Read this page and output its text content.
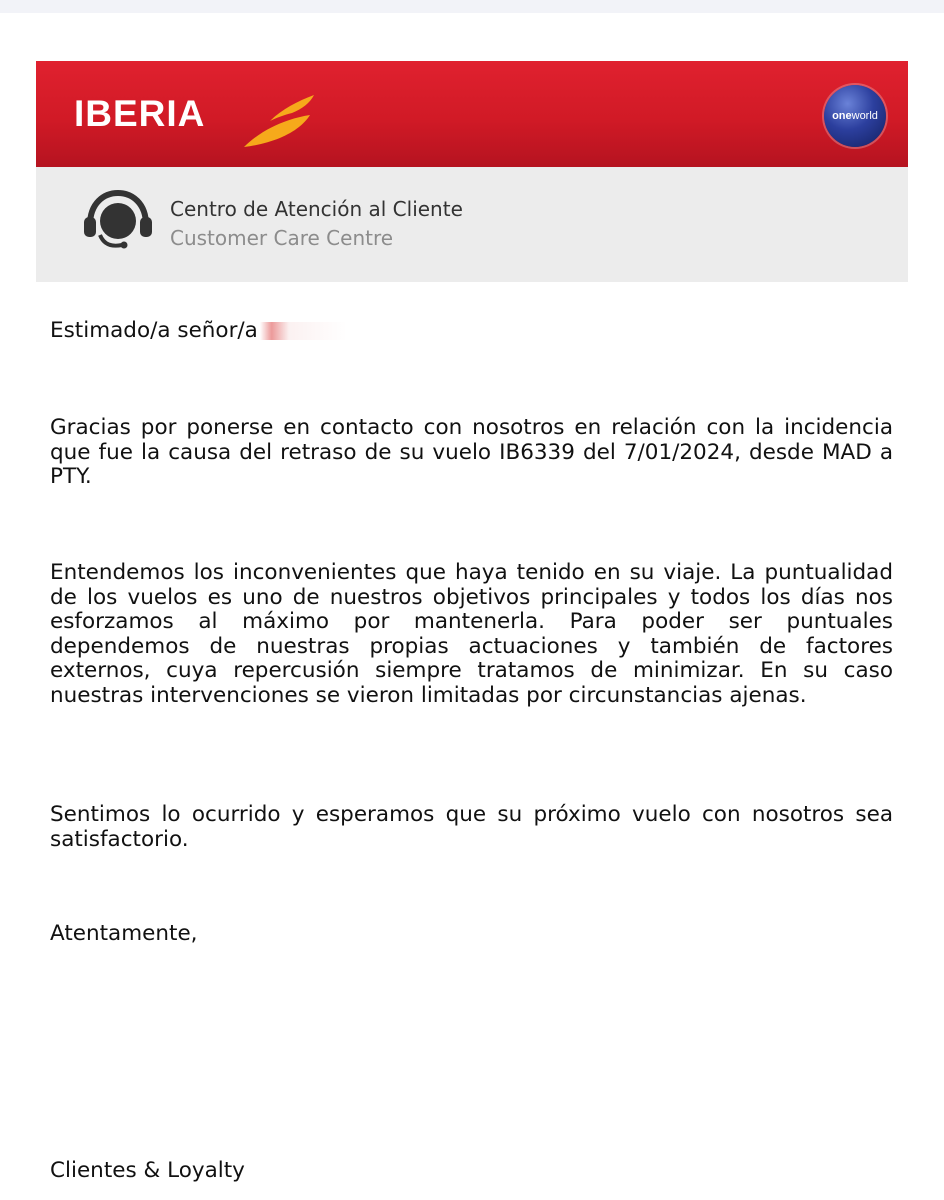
IBERIA	one world
Centro de Atención al Cliente
Customer Care Centre
Estimado/a señor/a
Gracias por ponerse en contacto con nosotros en relación con la incidencia que fue la causa del retraso de su vuelo IB6339 del 7/01/2024, desde MAD a PTY.
Entendemos los inconvenientes que haya tenido en su viaje. La puntualidad de los vuelos es uno de nuestros objetivos principales y todos los días nos esforzamos al máximo por mantenerla. Para poder ser puntuales dependemos de nuestras propias actuaciones y también de factores externos, cuya repercusión siempre tratamos de minimizar. En su caso nuestras intervenciones se vieron limitadas por circunstancias ajenas.
Sentimos lo ocurrido y esperamos que su próximo vuelo con nosotros sea satisfactorio.
Atentamente,
Clientes & Loyalty
